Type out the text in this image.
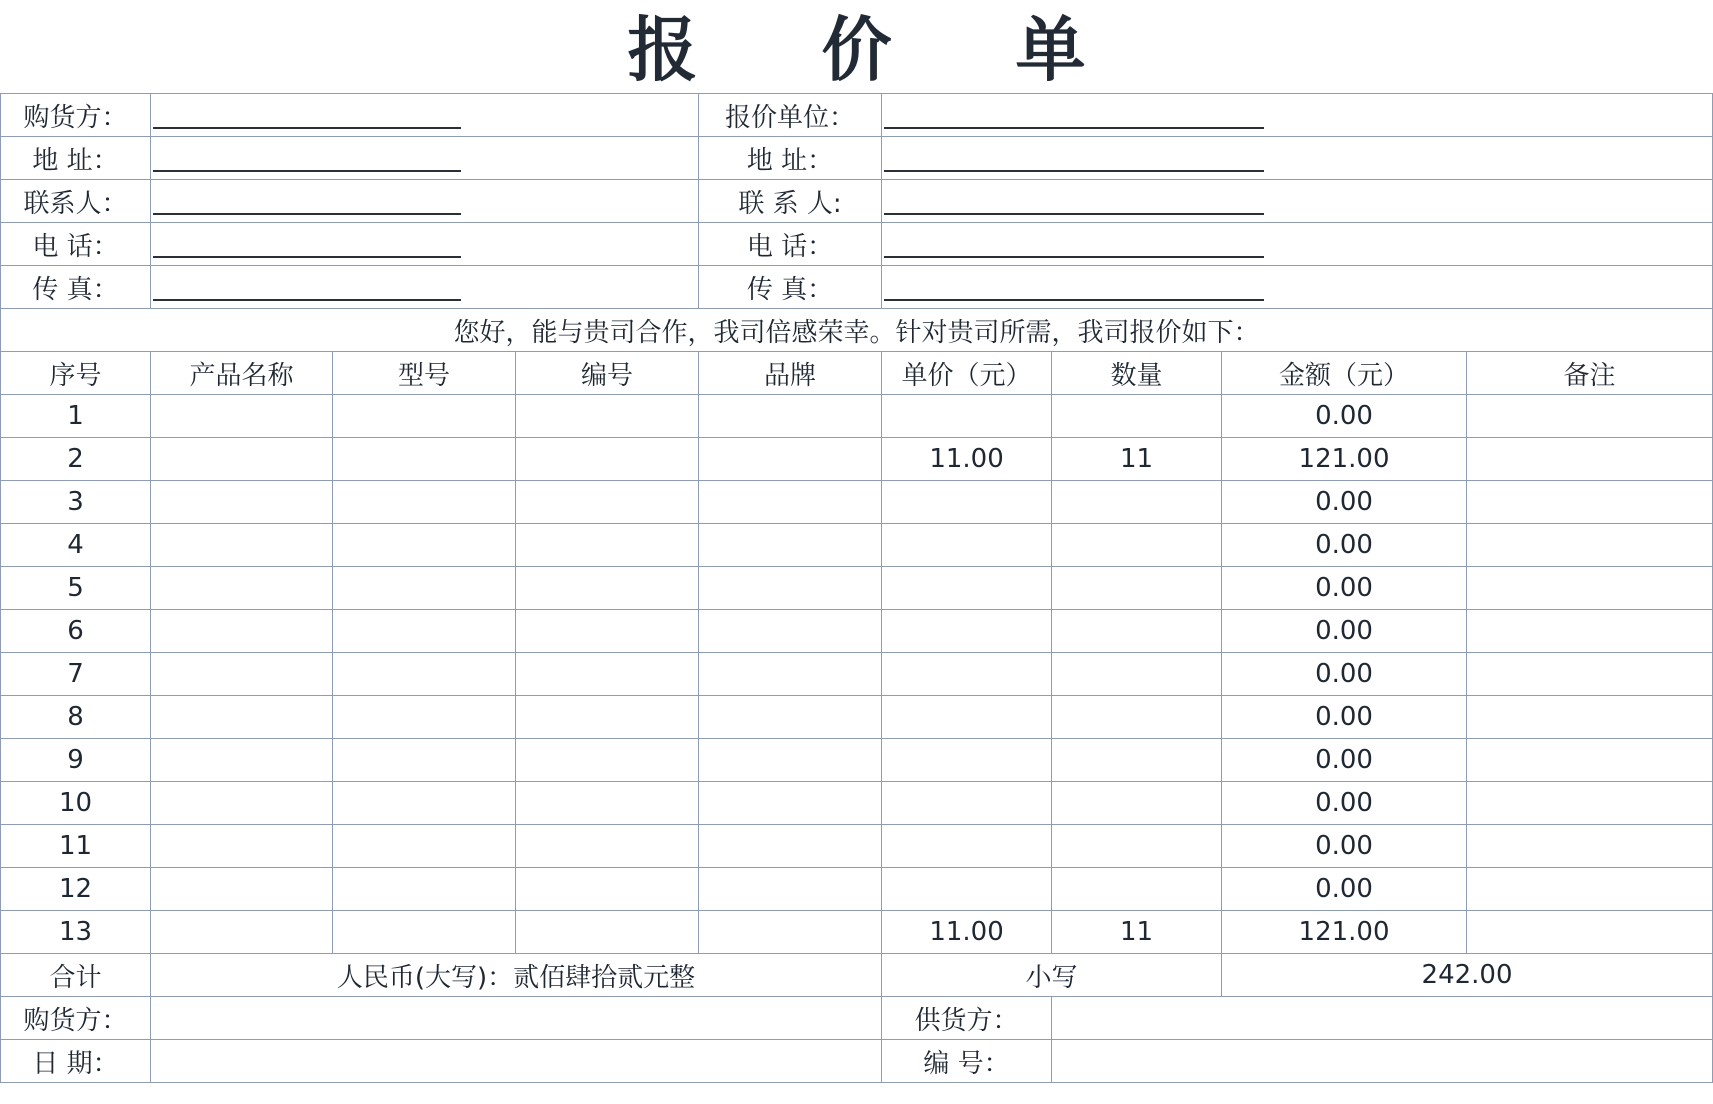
报 价 单
购货方：				报价单位：				

地 址：				地 址：				

联系人：				联 系 人:				

电 话：				电 话：				

传 真：				传 真：				

您好，能与贵司合作，我司倍感荣幸。针对贵司所需，我司报价如下：								
序号	产品名称	型号	编号	品牌	单价（元）	数量	金额（元）	备注
1							0.00	
2					11.00	11	121.00	
3							0.00	
4							0.00	
5							0.00	
6							0.00	
7							0.00	
8							0.00	
9							0.00	
10							0.00	
11							0.00	
12							0.00	
13					11.00	11	121.00	
合计	人民币(大写)：贰佰肆拾贰元整				小写		242.00	
购货方：					供货方：			
日 期：					编 号：			
